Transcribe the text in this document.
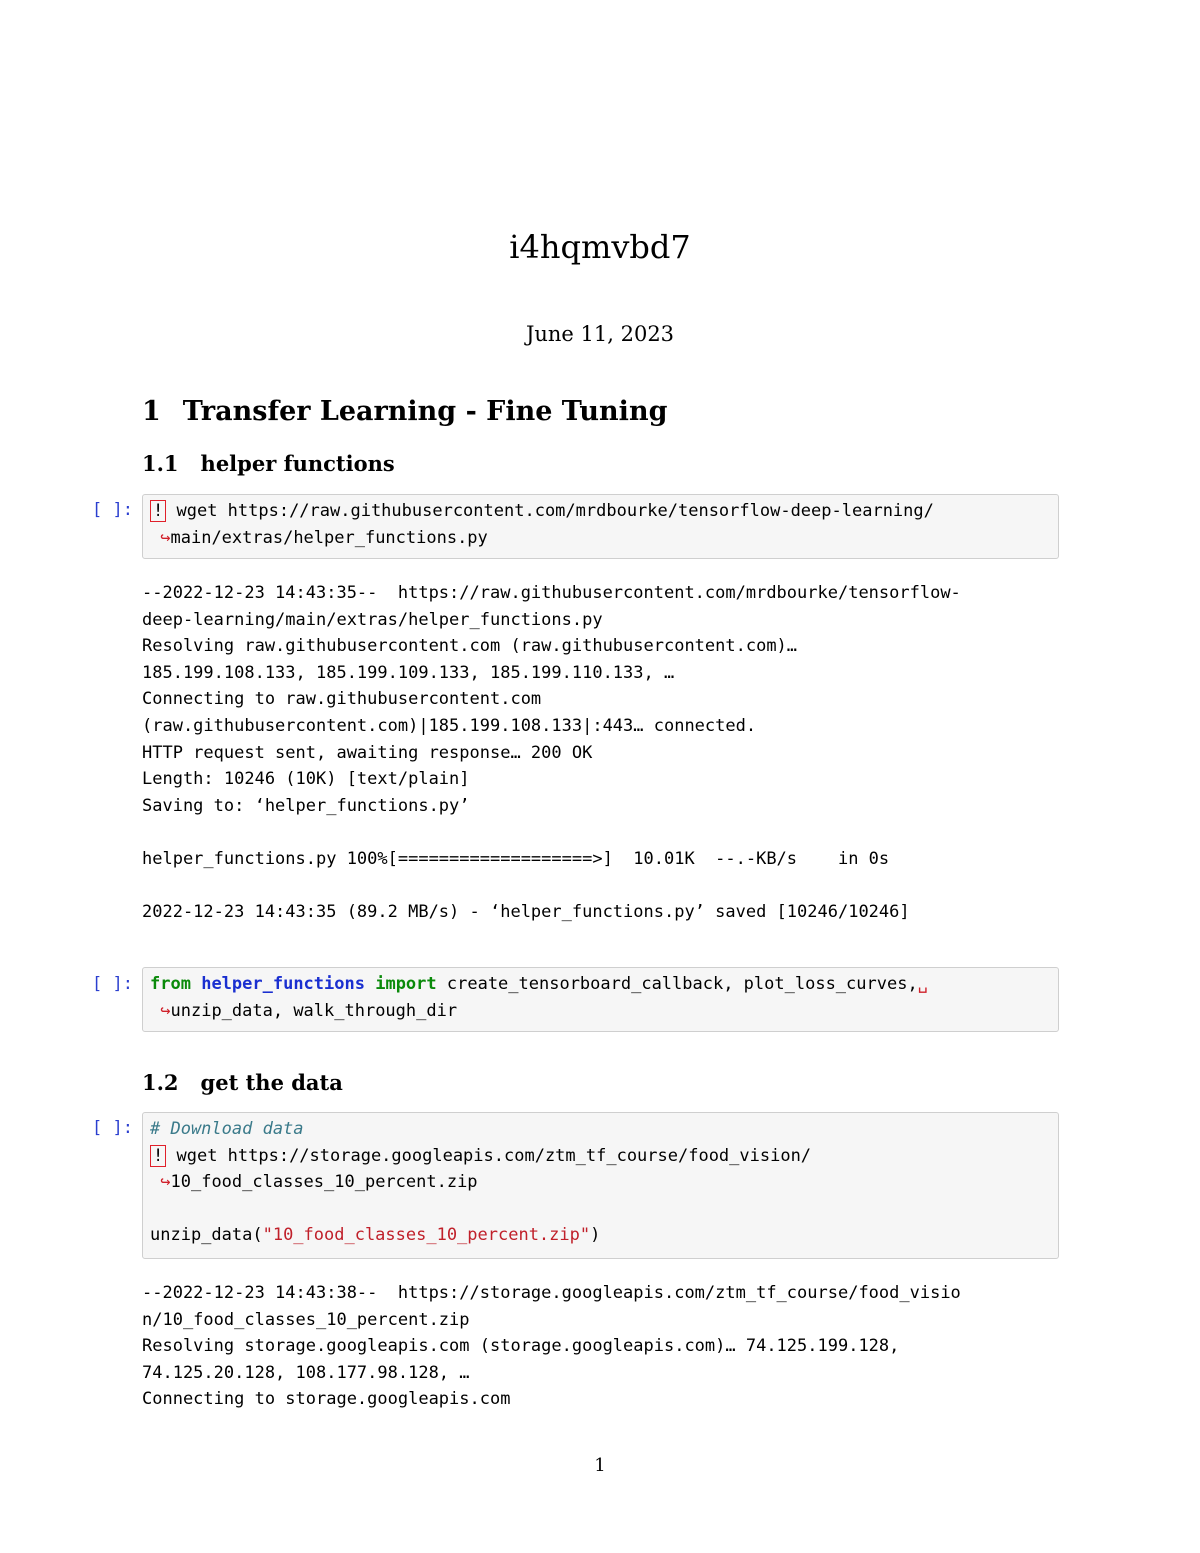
i4hqmvbd7
June 11, 2023
1 Transfer Learning - Fine Tuning
1.1 helper functions
[ ]:	! wget https://raw.githubusercontent.com/mrdbourke/tensorflow-deep-learning/
↪main/extras/helper_functions.py
--2022-12-23 14:43:35--  https://raw.githubusercontent.com/mrdbourke/tensorflow-
deep-learning/main/extras/helper_functions.py
Resolving raw.githubusercontent.com (raw.githubusercontent.com)…
185.199.108.133, 185.199.109.133, 185.199.110.133, …
Connecting to raw.githubusercontent.com
(raw.githubusercontent.com)|185.199.108.133|:443… connected.
HTTP request sent, awaiting response… 200 OK
Length: 10246 (10K) [text/plain]
Saving to: ‘helper_functions.py’

helper_functions.py 100%[===================>]  10.01K  --.-KB/s    in 0s

2022-12-23 14:43:35 (89.2 MB/s) - ‘helper_functions.py’ saved [10246/10246]
[ ]:	from helper_functions import create_tensorboard_callback, plot_loss_curves,␣
↪unzip_data, walk_through_dir
1.2 get the data
[ ]:	# Download data
! wget https://storage.googleapis.com/ztm_tf_course/food_vision/
↪10_food_classes_10_percent.zip

unzip_data("10_food_classes_10_percent.zip")
--2022-12-23 14:43:38--  https://storage.googleapis.com/ztm_tf_course/food_visio
n/10_food_classes_10_percent.zip
Resolving storage.googleapis.com (storage.googleapis.com)… 74.125.199.128,
74.125.20.128, 108.177.98.128, …
Connecting to storage.googleapis.com
1
